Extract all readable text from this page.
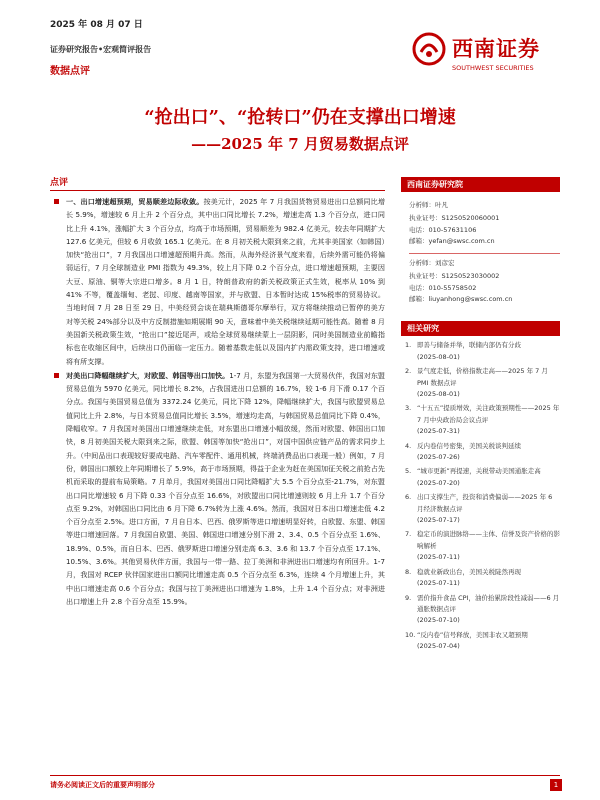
2025 年 08 月 07 日
证券研究报告•宏观简评报告
数据点评
西南证券
SOUTHWEST SECURITIES
“抢出口”、“抢转口”仍在支撑出口增速
——2025 年 7 月贸易数据点评
点评
一、出口增速超预期，贸易顺差边际收敛。按美元计，2025 年 7 月我国货物贸易进出口总额同比增长 5.9%，增速较 6 月上升 2 个百分点，其中出口同比增长 7.2%，增速走高 1.3 个百分点，进口同比上升 4.1%，涨幅扩大 3 个百分点，均高于市场预期，贸易顺差为 982.4 亿美元，较去年同期扩大 127.6 亿美元，但较 6 月收敛 165.1 亿美元。在 8 月初关税大限到来之前，尤其非美国家（如韩国）加快“抢出口”，7 月我国出口增速超预期升高。然而，从海外经济景气度来看，后续外需可能仍将偏弱运行，7 月全球制造业 PMI 指数为 49.3%，较上月下降 0.2 个百分点，进口增速超预期，主要因大豆、原油、铜等大宗进口增多。8 月 1 日，特朗普政府的新关税政策正式生效，税率从 10% 到 41% 不等，覆盖缅甸、老挝、印度、越南等国家，并与欧盟、日本暂时达成 15%税率的贸易协议。当地时间 7 月 28 日至 29 日，中美经贸会谈在瑞典斯德哥尔摩举行，双方将继续推动已暂停的美方对等关税 24%部分以及中方反制措施如期展期 90 天，意味着中美关税继续延期可能性高。随着 8 月美国新关税政策生效，“抢出口”接近尾声，或给全球贸易继续蒙上一层阴影，同时美国制造业前瞻指标也在收缩区间中，后续出口仍面临一定压力。随着基数走低以及国内扩内需政策支持，进口增速或将有所支撑。
对美出口降幅继续扩大，对欧盟、韩国等出口加快。1-7 月，东盟为我国第一大贸易伙伴，我国对东盟贸易总值为 5970 亿美元，同比增长 8.2%，占我国进出口总额的 16.7%，较 1-6 月下滑 0.17 个百分点。我国与美国贸易总值为 3372.24 亿美元，同比下降 12%，降幅继续扩大，我国与欧盟贸易总值同比上升 2.8%，与日本贸易总值同比增长 3.5%，增速均走高，与韩国贸易总值同比下降 0.4%，降幅收窄。7 月我国对美国出口增速继续走低，对东盟出口增速小幅放缓，然而对欧盟、韩国出口加快，8 月初美国关税大限到来之际，欧盟、韩国等加快“抢出口”，对国中国供应链产品的需求同步上升。（中间品出口表现较好要成电路、汽车零配件、通用机械，终端消费品出口表现一般）例如，7 月份，韩国出口额较上年同期增长了 5.9%，高于市场预期，得益于企业为赶在美国加征关税之前抢占先机而采取的提前布局策略。7 月单月，我国对美国出口同比降幅扩大 5.5 个百分点至-21.7%，对东盟出口同比增速较 6 月下降 0.33 个百分点至 16.6%，对欧盟出口同比增速则较 6 月上升 1.7 个百分点至 9.2%，对韩国出口同比由 6 月下降 6.7%转为上涨 4.6%。然而，我国对日本出口增速走低 4.2 个百分点至 2.5%。进口方面，7 月自日本、巴西、俄罗斯等进口增速明显好转，自欧盟、东盟、韩国等进口增速回落。7 月我国自欧盟、美国、韩国进口增速分别下滑 2、3.4、0.5 个百分点至 1.6%、18.9%、0.5%，而自日本、巴西、俄罗斯进口增速分别走高 6.3、3.6 和 13.7 个百分点至 17.1%、10.5%、3.6%。其他贸易伙伴方面，我国与一带一路、拉丁美洲和非洲进出口增速均有所回升。1-7 月，我国对 RCEP 伙伴国家进出口额同比增速走高 0.5 个百分点至 6.3%，连续 4 个月增速上升，其中出口增速走高 0.6 个百分点；我国与拉丁美洲进出口增速为 1.8%，上升 1.4 个百分点；对非洲进出口增速上升 2.8 个百分点至 15.9%。
西南证券研究院
分析师：叶凡
执业证号：S1250520060001
电话：010-57631106
邮箱：yefan@swsc.com.cn
分析师：刘彦宏
执业证号：S1250523030002
电话：010-55758502
邮箱：liuyanhong@swsc.com.cn
相关研究
1. 即善与储备并举，联储内部仍有分歧
(2025-08-01)
2. 景气度走低，价格指数走高——2025 年 7 月 PMI 数据点评
(2025-08-01)
3. “十五五”提质增效，关注政策预期性——2025 年 7 月中央政治局会议点评
(2025-07-31)
4. 反内卷信号密集，美国关税谈判延续
(2025-07-26)
5. “城市更新”再提速，关税带动美国通胀走高
(2025-07-20)
6. 出口支撑生产，投资和消费偏弱——2025 年 6 月经济数据点评
(2025-07-17)
7. 稳定币的演进脉络——主体、信誉及资产价格的影响解析
(2025-07-11)
8. 稳就业新政出台，美国关税陡然再现
(2025-07-11)
9. 需价指升食品 CPI，油价抬累阶段性减弱——6 月通胀数据点评
(2025-07-10)
10. “反内卷”信号释放，美国非农又超预期
(2025-07-04)
请务必阅读正文后的重要声明部分	1
